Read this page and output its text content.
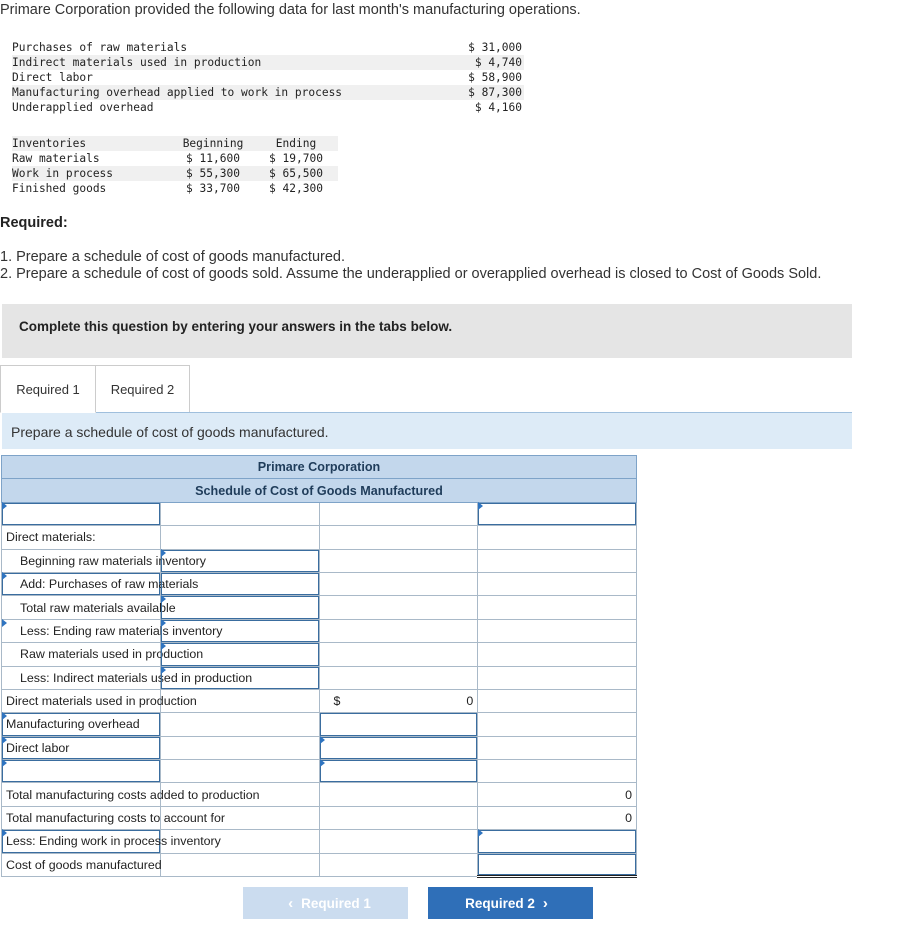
Primare Corporation provided the following data for last month's manufacturing operations.
Purchases of raw materials	$ 31,000
Indirect materials used in production	$ 4,740
Direct labor	$ 58,900
Manufacturing overhead applied to work in process	$ 87,300
Underapplied overhead	$ 4,160
Inventories	Beginning	Ending
Raw materials	$ 11,600	$ 19,700
Work in process	$ 55,300	$ 65,500
Finished goods	$ 33,700	$ 42,300
Required:
1. Prepare a schedule of cost of goods manufactured.
2. Prepare a schedule of cost of goods sold. Assume the underapplied or overapplied overhead is closed to Cost of Goods Sold.
Complete this question by entering your answers in the tabs below.
Required 1	Required 2
Prepare a schedule of cost of goods manufactured.
Primare Corporation			
Schedule of Cost of Goods Manufactured			

Direct materials:			
Beginning raw materials inventory			
Add: Purchases of raw materials			
Total raw materials available			
Less: Ending raw materials inventory			
Raw materials used in production			
Less: Indirect materials used in production			
Direct materials used in production		$ 0	

Manufacturing overhead			
Direct labor			

Total manufacturing costs added to production			0
Total manufacturing costs to account for			0
Less: Ending work in process inventory			
Cost of goods manufactured			
‹ Required 1	Required 2 ›
